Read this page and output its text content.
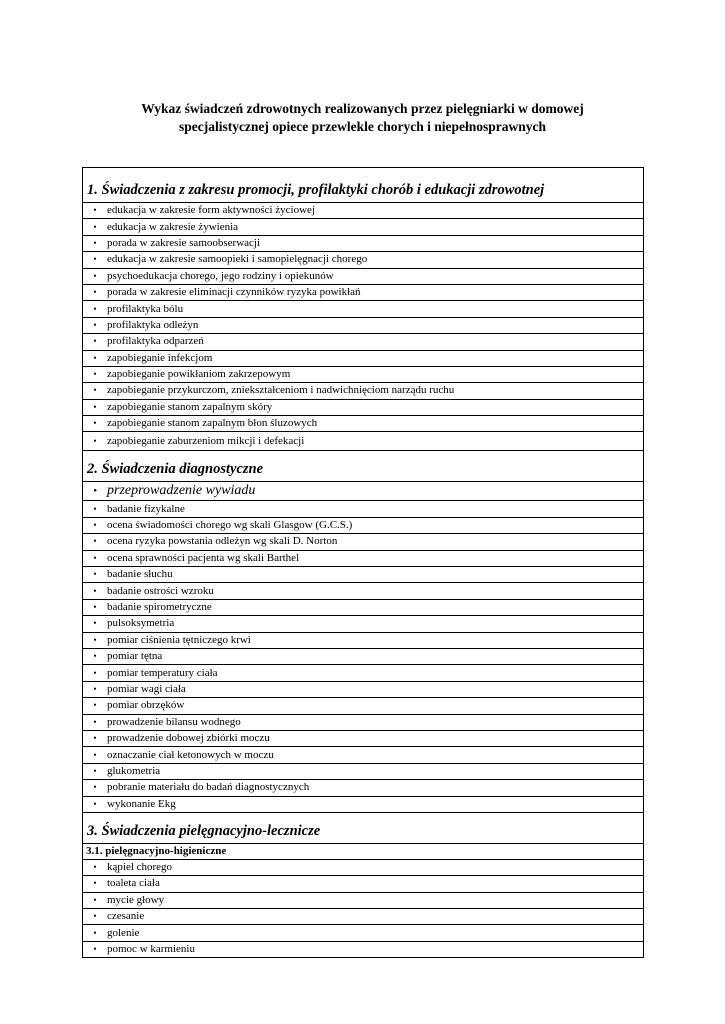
Wykaz świadczeń zdrowotnych realizowanych przez pielęgniarki w domowej
specjalistycznej opiece przewlekle chorych i niepełnosprawnych
1. Świadczenia z zakresu promocji, profilaktyki chorób i edukacji zdrowotnej
• edukacja w zakresie form aktywności życiowej
• edukacja w zakresie żywienia
• porada w zakresie samoobserwacji
• edukacja w zakresie samoopieki i samopielęgnacji chorego
• psychoedukacja chorego, jego rodziny i opiekunów
• porada w zakresie eliminacji czynników ryzyka powikłań
• profilaktyka bólu
• profilaktyka odleżyn
• profilaktyka odparzeń
• zapobieganie infekcjom
• zapobieganie powikłaniom zakrzepowym
• zapobieganie przykurczom, zniekształceniom i nadwichnięciom narządu ruchu
• zapobieganie stanom zapalnym skóry
• zapobieganie stanom zapalnym błon śluzowych
• zapobieganie zaburzeniom mikcji i defekacji
2. Świadczenia diagnostyczne
• przeprowadzenie wywiadu
• badanie fizykalne
• ocena świadomości chorego wg skali Glasgow (G.C.S.)
• ocena ryzyka powstania odleżyn wg skali D. Norton
• ocena sprawności pacjenta wg skali Barthel
• badanie słuchu
• badanie ostrości wzroku
• badanie spirometryczne
• pulsoksymetria
• pomiar ciśnienia tętniczego krwi
• pomiar tętna
• pomiar temperatury ciała
• pomiar wagi ciała
• pomiar obrzęków
• prowadzenie bilansu wodnego
• prowadzenie dobowej zbiórki moczu
• oznaczanie ciał ketonowych w moczu
• glukometria
• pobranie materiału do badań diagnostycznych
• wykonanie Ekg
3. Świadczenia pielęgnacyjno-lecznicze
3.1. pielęgnacyjno-higieniczne
• kąpiel chorego
• toaleta ciała
• mycie głowy
• czesanie
• golenie
• pomoc w karmieniu
